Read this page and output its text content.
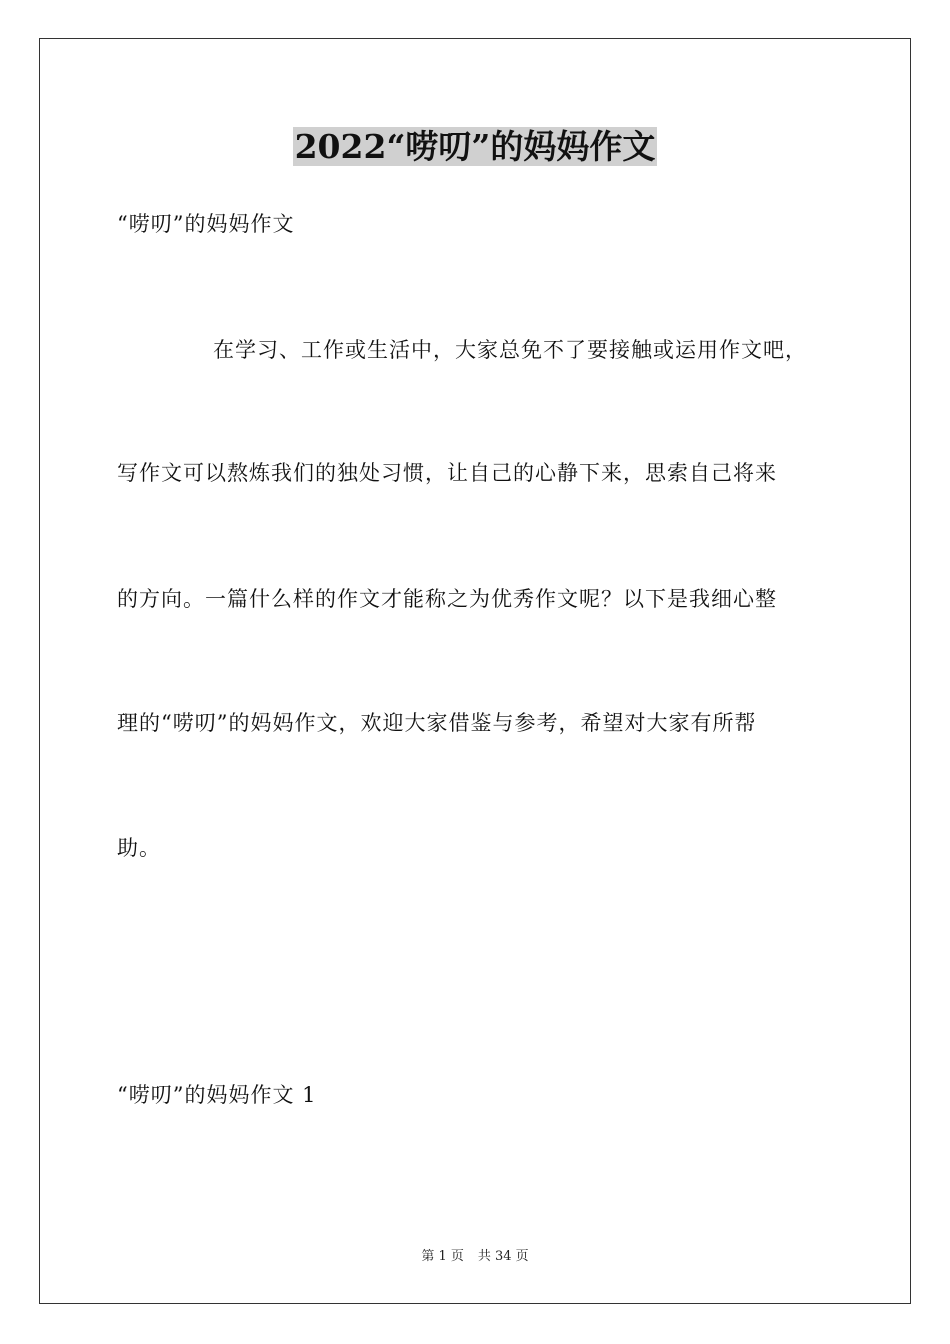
2022“唠叨”的妈妈作文

“唠叨”的妈妈作文

在学习、工作或生活中，大家总免不了要接触或运用作文吧，

写作文可以熬炼我们的独处习惯，让自己的心静下来，思索自己将来

的方向。一篇什么样的作文才能称之为优秀作文呢？以下是我细心整

理的“唠叨”的妈妈作文，欢迎大家借鉴与参考，希望对大家有所帮

助。

“唠叨”的妈妈作文 1

第 1 页 共 34 页
